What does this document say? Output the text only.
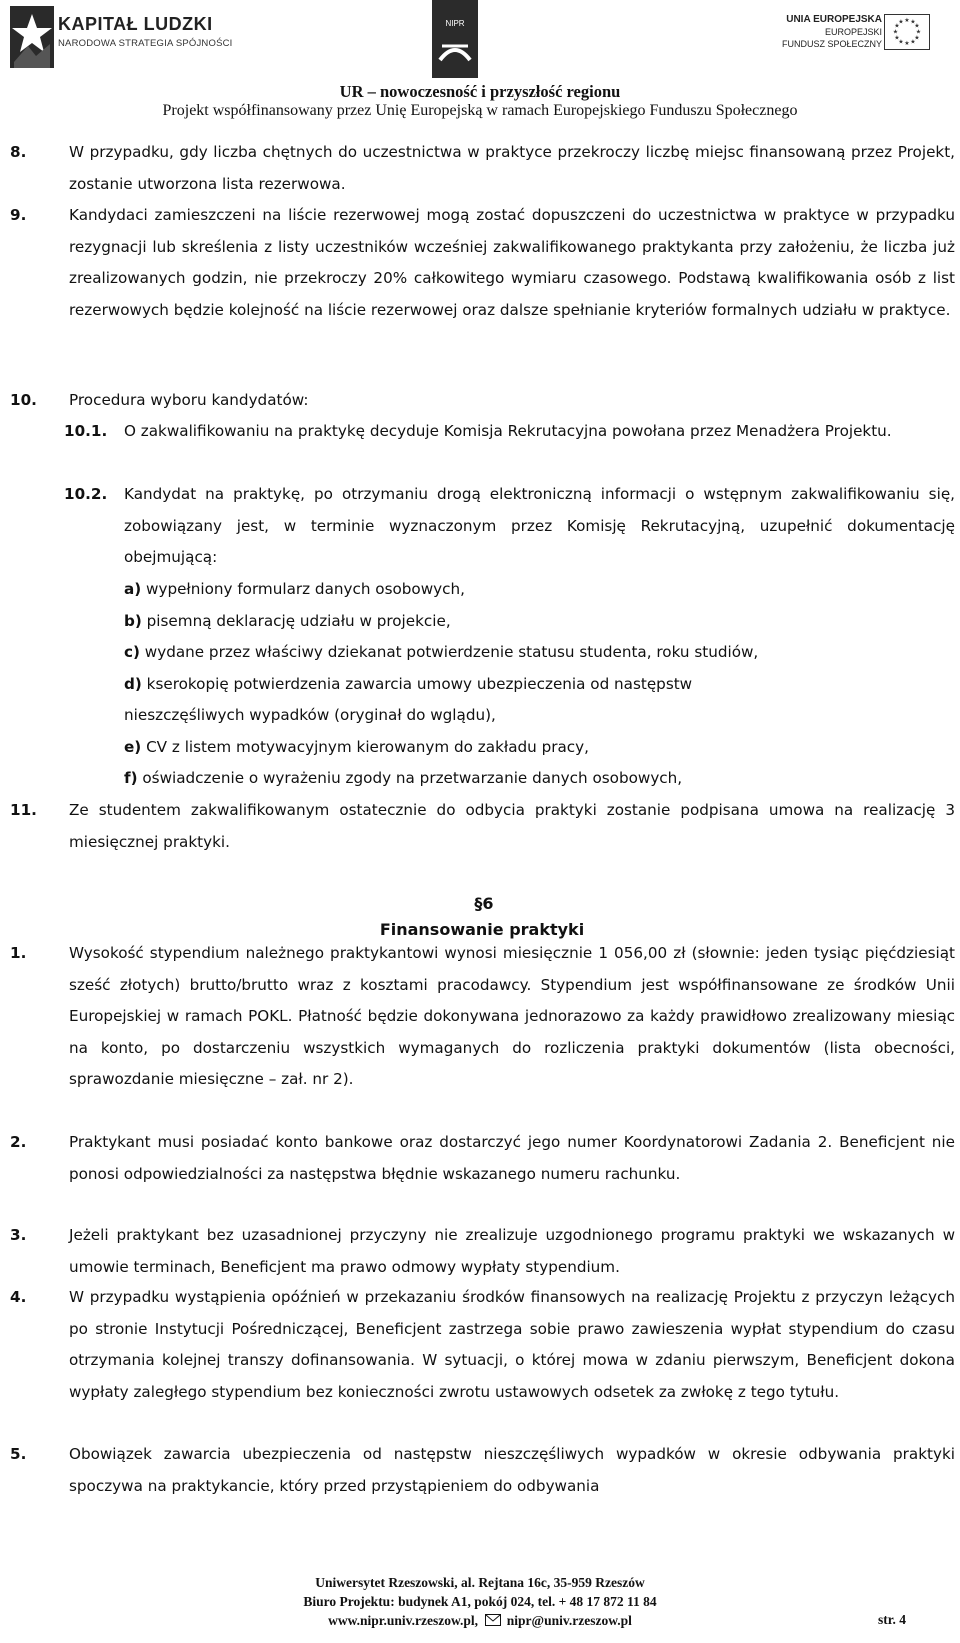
KAPITAŁ LUDZKI
NARODOWA STRATEGIA SPÓJNOŚCI
NIPR	UNIA EUROPEJSKA
EUROPEJSKI
FUNDUSZ SPOŁECZNY
★ ★
★
★
★
★
★
★
★
★
★
★
UR – nowoczesność i przyszłość regionu
Projekt współfinansowany przez Unię Europejską w ramach Europejskiego Funduszu Społecznego
8.	W przypadku, gdy liczba chętnych do uczestnictwa w praktyce przekroczy liczbę miejsc finansowaną przez Projekt, zostanie utworzona lista rezerwowa.
9.	Kandydaci zamieszczeni na liście rezerwowej mogą zostać dopuszczeni do uczestnictwa w praktyce w przypadku rezygnacji lub skreślenia z listy uczestników wcześniej zakwalifikowanego praktykanta przy założeniu, że liczba już zrealizowanych godzin, nie przekroczy 20% całkowitego wymiaru czasowego. Podstawą kwalifikowania osób z list rezerwowych będzie kolejność na liście rezerwowej oraz dalsze spełnianie kryteriów formalnych udziału w praktyce.
10. Procedura wyboru kandydatów:
10.1. O zakwalifikowaniu na praktykę decyduje Komisja Rekrutacyjna powołana przez Menadżera Projektu.
10.2. Kandydat na praktykę, po otrzymaniu drogą elektroniczną informacji o wstępnym zakwalifikowaniu się, zobowiązany jest, w terminie wyznaczonym przez Komisję Rekrutacyjną, uzupełnić dokumentację obejmującą:
a) wypełniony formularz danych osobowych,
b) pisemną deklarację udziału w projekcie,
c) wydane przez właściwy dziekanat potwierdzenie statusu studenta, roku studiów,
d) kserokopię potwierdzenia zawarcia umowy ubezpieczenia od następstw
nieszczęśliwych wypadków (oryginał do wglądu),
e) CV z listem motywacyjnym kierowanym do zakładu pracy,
f) oświadczenie o wyrażeniu zgody na przetwarzanie danych osobowych,
11. Ze studentem zakwalifikowanym ostatecznie do odbycia praktyki zostanie podpisana umowa na realizację 3 miesięcznej praktyki.
§6
Finansowanie praktyki
1.	Wysokość stypendium należnego praktykantowi wynosi miesięcznie 1 056,00 zł (słownie: jeden tysiąc pięćdziesiąt sześć złotych) brutto/brutto wraz z kosztami pracodawcy. Stypendium jest współfinansowane ze środków Unii Europejskiej w ramach POKL. Płatność będzie dokonywana jednorazowo za każdy prawidłowo zrealizowany miesiąc na konto, po dostarczeniu wszystkich wymaganych do rozliczenia praktyki dokumentów (lista obecności, sprawozdanie miesięczne – zał. nr 2).
2.	Praktykant musi posiadać konto bankowe oraz dostarczyć jego numer Koordynatorowi Zadania 2. Beneficjent nie ponosi odpowiedzialności za następstwa błędnie wskazanego numeru rachunku.
3.	Jeżeli praktykant bez uzasadnionej przyczyny nie zrealizuje uzgodnionego programu praktyki we wskazanych w umowie terminach, Beneficjent ma prawo odmowy wypłaty stypendium.
4.	W przypadku wystąpienia opóźnień w przekazaniu środków finansowych na realizację Projektu z przyczyn leżących po stronie Instytucji Pośredniczącej, Beneficjent zastrzega sobie prawo zawieszenia wypłat stypendium do czasu otrzymania kolejnej transzy dofinansowania. W sytuacji, o której mowa w zdaniu pierwszym, Beneficjent dokona wypłaty zaległego stypendium bez konieczności zwrotu ustawowych odsetek za zwłokę z tego tytułu.
5.	Obowiązek zawarcia ubezpieczenia od następstw nieszczęśliwych wypadków w okresie odbywania praktyki spoczywa na praktykancie, który przed przystąpieniem do odbywania
Uniwersytet Rzeszowski, al. Rejtana 16c, 35-959 Rzeszów
Biuro Projektu: budynek A1, pokój 024, tel. + 48 17 872 11 84
www.nipr.univ.rzeszow.pl, nipr@univ.rzeszow.pl	str. 4
